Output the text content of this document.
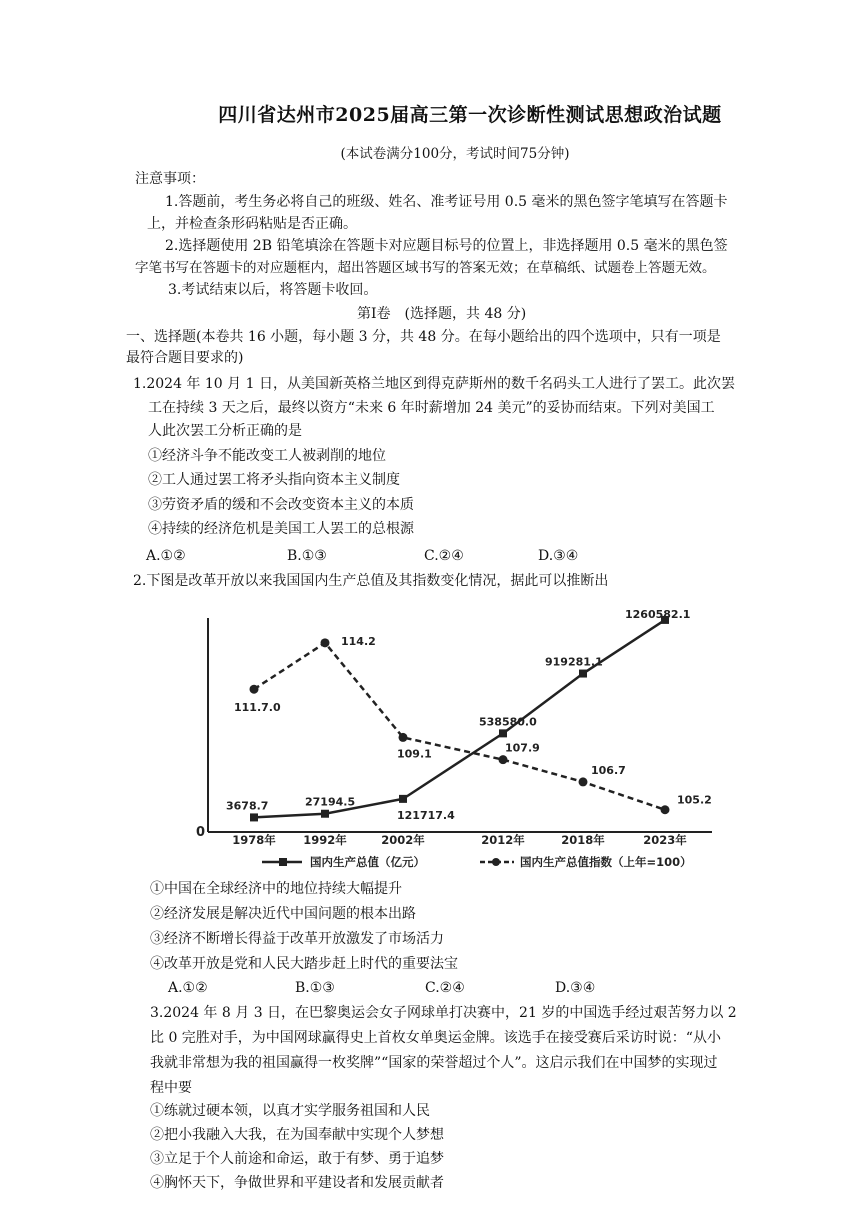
四川省达州市2025届高三第一次诊断性测试思想政治试题
(本试卷满分100分，考试时间75分钟)
注意事项：
1.答题前，考生务必将自己的班级、姓名、准考证号用 0.5 毫米的黑色签字笔填写在答题卡
上，并检查条形码粘贴是否正确。
2.选择题使用 2B 铅笔填涂在答题卡对应题目标号的位置上，非选择题用 0.5 毫米的黑色签
字笔书写在答题卡的对应题框内，超出答题区域书写的答案无效；在草稿纸、试题卷上答题无效。
3.考试结束以后，将答题卡收回。
第Ⅰ卷　(选择题，共 48 分)
一、选择题(本卷共 16 小题，每小题 3 分，共 48 分。在每小题给出的四个选项中，只有一项是
最符合题目要求的)
1.2024 年 10 月 1 日，从美国新英格兰地区到得克萨斯州的数千名码头工人进行了罢工。此次罢
工在持续 3 天之后，最终以资方“未来 6 年时薪增加 24 美元”的妥协而结束。下列对美国工
人此次罢工分析正确的是
①经济斗争不能改变工人被剥削的地位
②工人通过罢工将矛头指向资本主义制度
③劳资矛盾的缓和不会改变资本主义的本质
④持续的经济危机是美国工人罢工的总根源
A.①②	B.①③	C.②④	D.③④
2.下图是改革开放以来我国国内生产总值及其指数变化情况，据此可以推断出
0 1978年 1992年	2002年	2012年	2018年	2023年
3678.7	27194.5
121717.4
538580.0
919281.1
1260582.1
111.7.0
114.2
109.1	107.9
106.7
105.2
国内生产总值（亿元）	国内生产总值指数（上年=100）
①中国在全球经济中的地位持续大幅提升
②经济发展是解决近代中国问题的根本出路
③经济不断增长得益于改革开放激发了市场活力
④改革开放是党和人民大踏步赶上时代的重要法宝
A.①②	B.①③	C.②④	D.③④
3.2024 年 8 月 3 日，在巴黎奥运会女子网球单打决赛中，21 岁的中国选手经过艰苦努力以 2
比 0 完胜对手，为中国网球赢得史上首枚女单奥运金牌。该选手在接受赛后采访时说：“从小
我就非常想为我的祖国赢得一枚奖牌”“国家的荣誉超过个人”。这启示我们在中国梦的实现过
程中要
①练就过硬本领，以真才实学服务祖国和人民
②把小我融入大我，在为国奉献中实现个人梦想
③立足于个人前途和命运，敢于有梦、勇于追梦
④胸怀天下，争做世界和平建设者和发展贡献者
